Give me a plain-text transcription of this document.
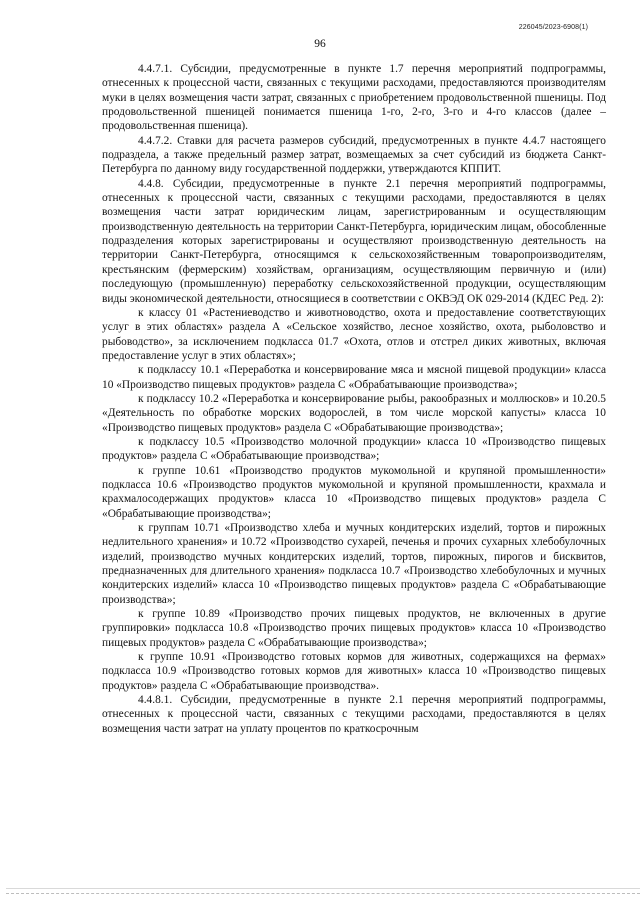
226045/2023-6908(1)
96

4.4.7.1. Субсидии, предусмотренные в пункте 1.7 перечня мероприятий подпрограммы, отнесенных к процессной части, связанных с текущими расходами, предоставляются производителям муки в целях возмещения части затрат, связанных с приобретением продовольственной пшеницы. Под продовольственной пшеницей понимается пшеница 1-го, 2-го, 3-го и 4-го классов (далее – продовольственная пшеница).

4.4.7.2. Ставки для расчета размеров субсидий, предусмотренных в пункте 4.4.7 настоящего подраздела, а также предельный размер затрат, возмещаемых за счет субсидий из бюджета Санкт-Петербурга по данному виду государственной поддержки, утверждаются КППИТ.

4.4.8. Субсидии, предусмотренные в пункте 2.1 перечня мероприятий подпрограммы, отнесенных к процессной части, связанных с текущими расходами, предоставляются в целях возмещения части затрат юридическим лицам, зарегистрированным и осуществляющим производственную деятельность на территории Санкт-Петербурга, юридическим лицам, обособленные подразделения которых зарегистрированы и осуществляют производственную деятельность на территории Санкт-Петербурга, относящимся к сельскохозяйственным товаропроизводителям, крестьянским (фермерским) хозяйствам, организациям, осуществляющим первичную и (или) последующую (промышленную) переработку сельскохозяйственной продукции, осуществляющим виды экономической деятельности, относящиеся в соответствии с ОКВЭД ОК 029-2014 (КДЕС Ред. 2):

к классу 01 «Растениеводство и животноводство, охота и предоставление соответствующих услуг в этих областях» раздела А «Сельское хозяйство, лесное хозяйство, охота, рыболовство и рыбоводство», за исключением подкласса 01.7 «Охота, отлов и отстрел диких животных, включая предоставление услуг в этих областях»;

к подклассу 10.1 «Переработка и консервирование мяса и мясной пищевой продукции» класса 10 «Производство пищевых продуктов» раздела С «Обрабатывающие производства»;

к подклассу 10.2 «Переработка и консервирование рыбы, ракообразных и моллюсков» и 10.20.5 «Деятельность по обработке морских водорослей, в том числе морской капусты» класса 10 «Производство пищевых продуктов» раздела С «Обрабатывающие производства»;

к подклассу 10.5 «Производство молочной продукции» класса 10 «Производство пищевых продуктов» раздела С «Обрабатывающие производства»;

к группе 10.61 «Производство продуктов мукомольной и крупяной промышленности» подкласса 10.6 «Производство продуктов мукомольной и крупяной промышленности, крахмала и крахмалосодержащих продуктов» класса 10 «Производство пищевых продуктов» раздела С «Обрабатывающие производства»;

к группам 10.71 «Производство хлеба и мучных кондитерских изделий, тортов и пирожных недлительного хранения» и 10.72 «Производство сухарей, печенья и прочих сухарных хлебобулочных изделий, производство мучных кондитерских изделий, тортов, пирожных, пирогов и бисквитов, предназначенных для длительного хранения» подкласса 10.7 «Производство хлебобулочных и мучных кондитерских изделий» класса 10 «Производство пищевых продуктов» раздела С «Обрабатывающие производства»;

к группе 10.89 «Производство прочих пищевых продуктов, не включенных в другие группировки» подкласса 10.8 «Производство прочих пищевых продуктов» класса 10 «Производство пищевых продуктов» раздела С «Обрабатывающие производства»;

к группе 10.91 «Производство готовых кормов для животных, содержащихся на фермах» подкласса 10.9 «Производство готовых кормов для животных» класса 10 «Производство пищевых продуктов» раздела С «Обрабатывающие производства».

4.4.8.1. Субсидии, предусмотренные в пункте 2.1 перечня мероприятий подпрограммы, отнесенных к процессной части, связанных с текущими расходами, предоставляются в целях возмещения части затрат на уплату процентов по краткосрочным
